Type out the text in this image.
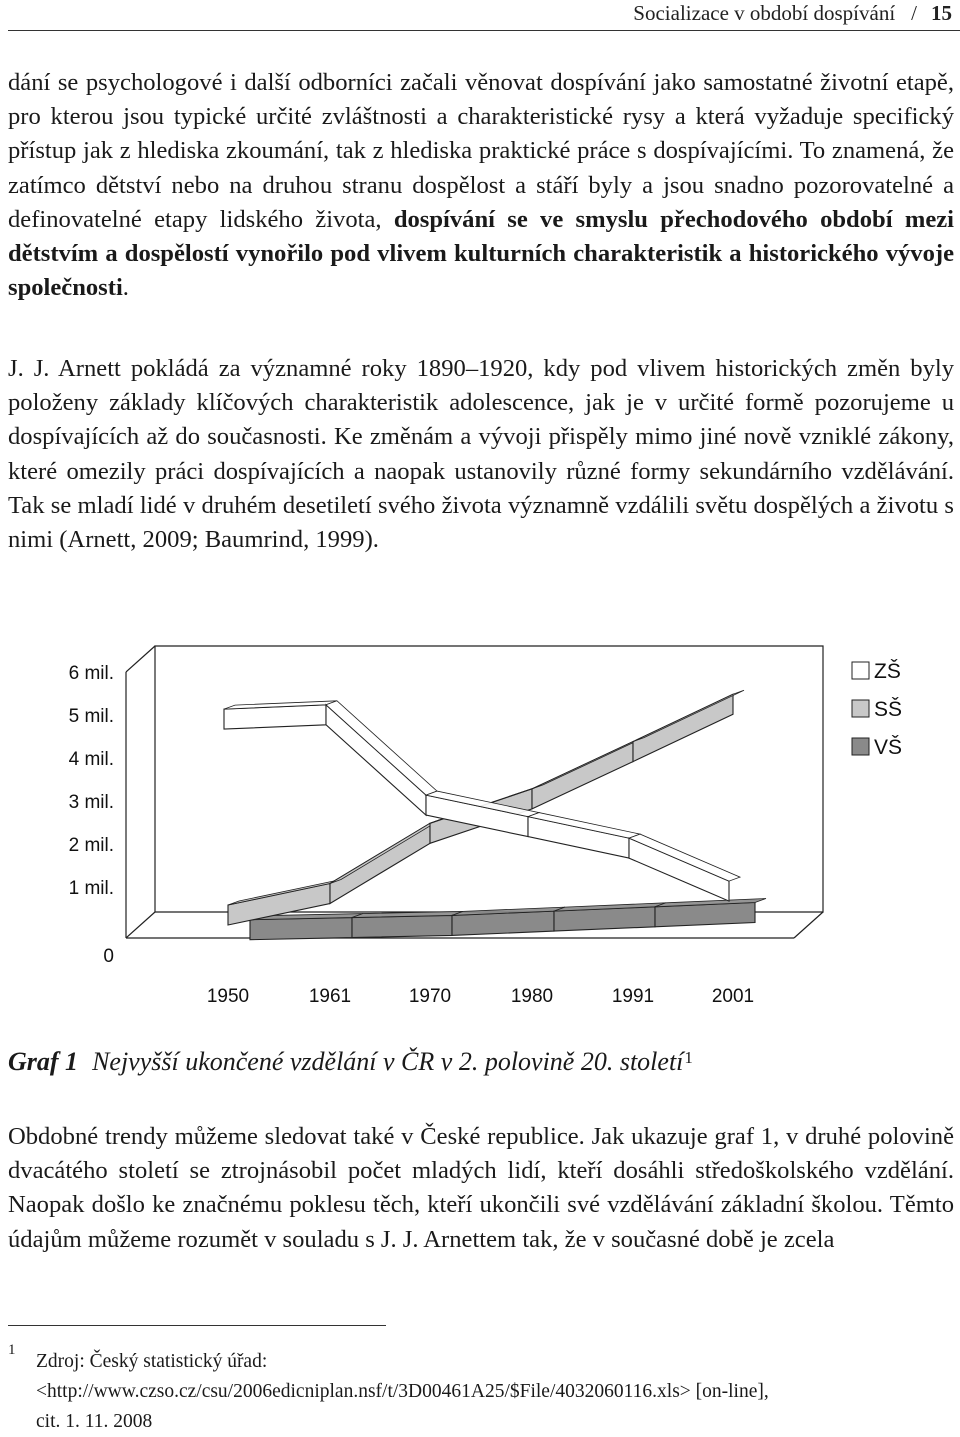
Socializace v období dospívání / 15

dání se psychologové i další odborníci začali věnovat dospívání jako samostatné životní etapě, pro kterou jsou typické určité zvláštnosti a charakteristické rysy a která vyžaduje specifický přístup jak z hlediska zkoumání, tak z hlediska praktické práce s dospívajícími. To znamená, že zatímco dětství nebo na druhou stranu dospělost a stáří byly a jsou snadno pozorovatelné a definovatelné etapy lidského života, dospívání se ve smyslu přechodového období mezi dětstvím a dospělostí vynořilo pod vlivem kulturních charakteristik a historického vývoje společnosti.

J. J. Arnett pokládá za významné roky 1890–1920, kdy pod vlivem historických změn byly položeny základy klíčových charakteristik adolescence, jak je v určité formě pozorujeme u dospívajících až do současnosti. Ke změnám a vývoji přispěly mimo jiné nově vzniklé zákony, které omezily práci dospívajících a naopak ustanovily různé formy sekundárního vzdělávání. Tak se mladí lidé v druhém desetiletí svého života významně vzdálili světu dospělých a životu s nimi (Arnett, 2009; Baumrind, 1999).

0
1 mil.
2 mil.
3 mil.
4 mil.
5 mil.
6 mil.
1950	1961	1970	1980	1991	2001
ZŠ
SŠ
VŠ
Graf 1 Nejvyšší ukončené vzdělání v ČR v 2. polovině 20. století$^1$

Obdobné trendy můžeme sledovat také v České republice. Jak ukazuje graf 1, v druhé polovině dvacátého století se ztrojnásobil počet mladých lidí, kteří dosáhli středoškolského vzdělání. Naopak došlo ke značnému poklesu těch, kteří ukončili své vzdělávání základní školou. Těmto údajům můžeme rozumět v souladu s J. J. Arnettem tak, že v současné době je zcela

1
Zdroj: Český statistický úřad:
<http://www.czso.cz/csu/2006edicniplan.nsf/t/3D00461A25/$File/4032060116.xls> [on-line],
cit. 1. 11. 2008
